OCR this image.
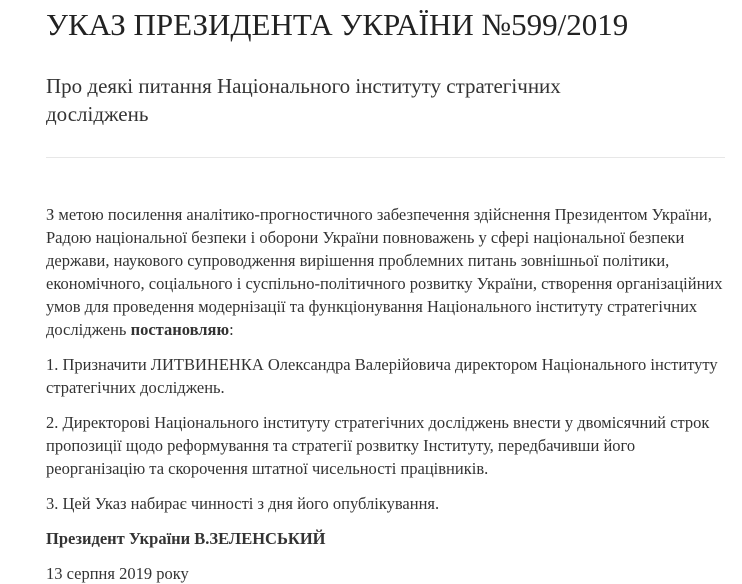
УКАЗ ПРЕЗИДЕНТА УКРАЇНИ №599/2019
Про деякі питання Національного інституту стратегічних досліджень

З метою посилення аналітико-прогностичного забезпечення здійснення Президентом України, Радою національної безпеки і оборони України повноважень у сфері національної безпеки держави, наукового супроводження вирішення проблемних питань зовнішньої політики, економічного, соціального і суспільно-політичного розвитку України, створення організаційних умов для проведення модернізації та функціонування Національного інституту стратегічних досліджень постановляю:

1. Призначити ЛИТВИНЕНКА Олександра Валерійовича директором Національного інституту стратегічних досліджень.

2. Директорові Національного інституту стратегічних досліджень внести у двомісячний строк пропозиції щодо реформування та стратегії розвитку Інституту, передбачивши його реорганізацію та скорочення штатної чисельності працівників.

3. Цей Указ набирає чинності з дня його опублікування.

Президент України В.ЗЕЛЕНСЬКИЙ

13 серпня 2019 року
